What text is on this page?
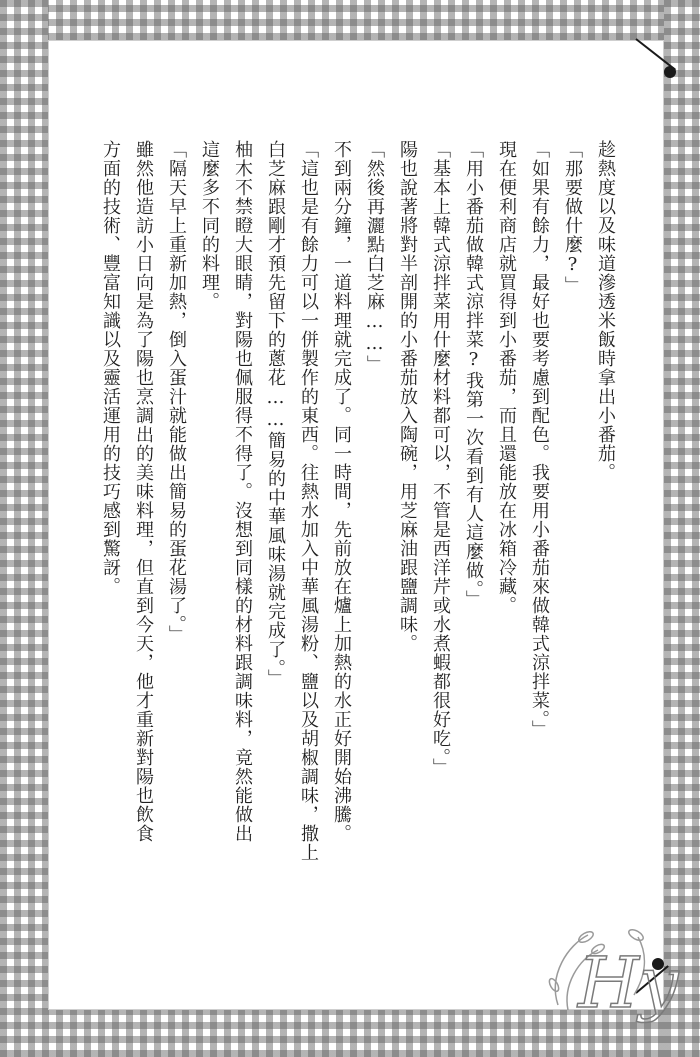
趁熱度以及味道滲透米飯時拿出小番茄。
「那要做什麼?」
「如果有餘力，最好也要考慮到配色。我要用小番茄來做韓式涼拌菜。」
現在便利商店就買得到小番茄，而且還能放在冰箱冷藏。
「用小番茄做韓式涼拌菜?我第一次看到有人這麼做。」
「基本上韓式涼拌菜用什麼材料都可以，不管是西洋芹或水煮蝦都很好吃。」
陽也說著將對半剖開的小番茄放入陶碗，用芝麻油跟鹽調味。
「然後再灑點白芝麻……」
不到兩分鐘，一道料理就完成了。同一時間，先前放在爐上加熱的水正好開始沸騰。
「這也是有餘力可以一併製作的東西。往熱水加入中華風湯粉、鹽以及胡椒調味，撒上
白芝麻跟剛才預先留下的蔥花……簡易的中華風味湯就完成了。」
柚木不禁瞪大眼睛，對陽也佩服得不得了。沒想到同樣的材料跟調味料，竟然能做出
這麼多不同的料理。
「隔天早上重新加熱，倒入蛋汁就能做出簡易的蛋花湯了。」
雖然他造訪小日向是為了陽也烹調出的美味料理，但直到今天，他才重新對陽也飲食
方面的技術、豐富知識以及靈活運用的技巧感到驚訝。
Hy
